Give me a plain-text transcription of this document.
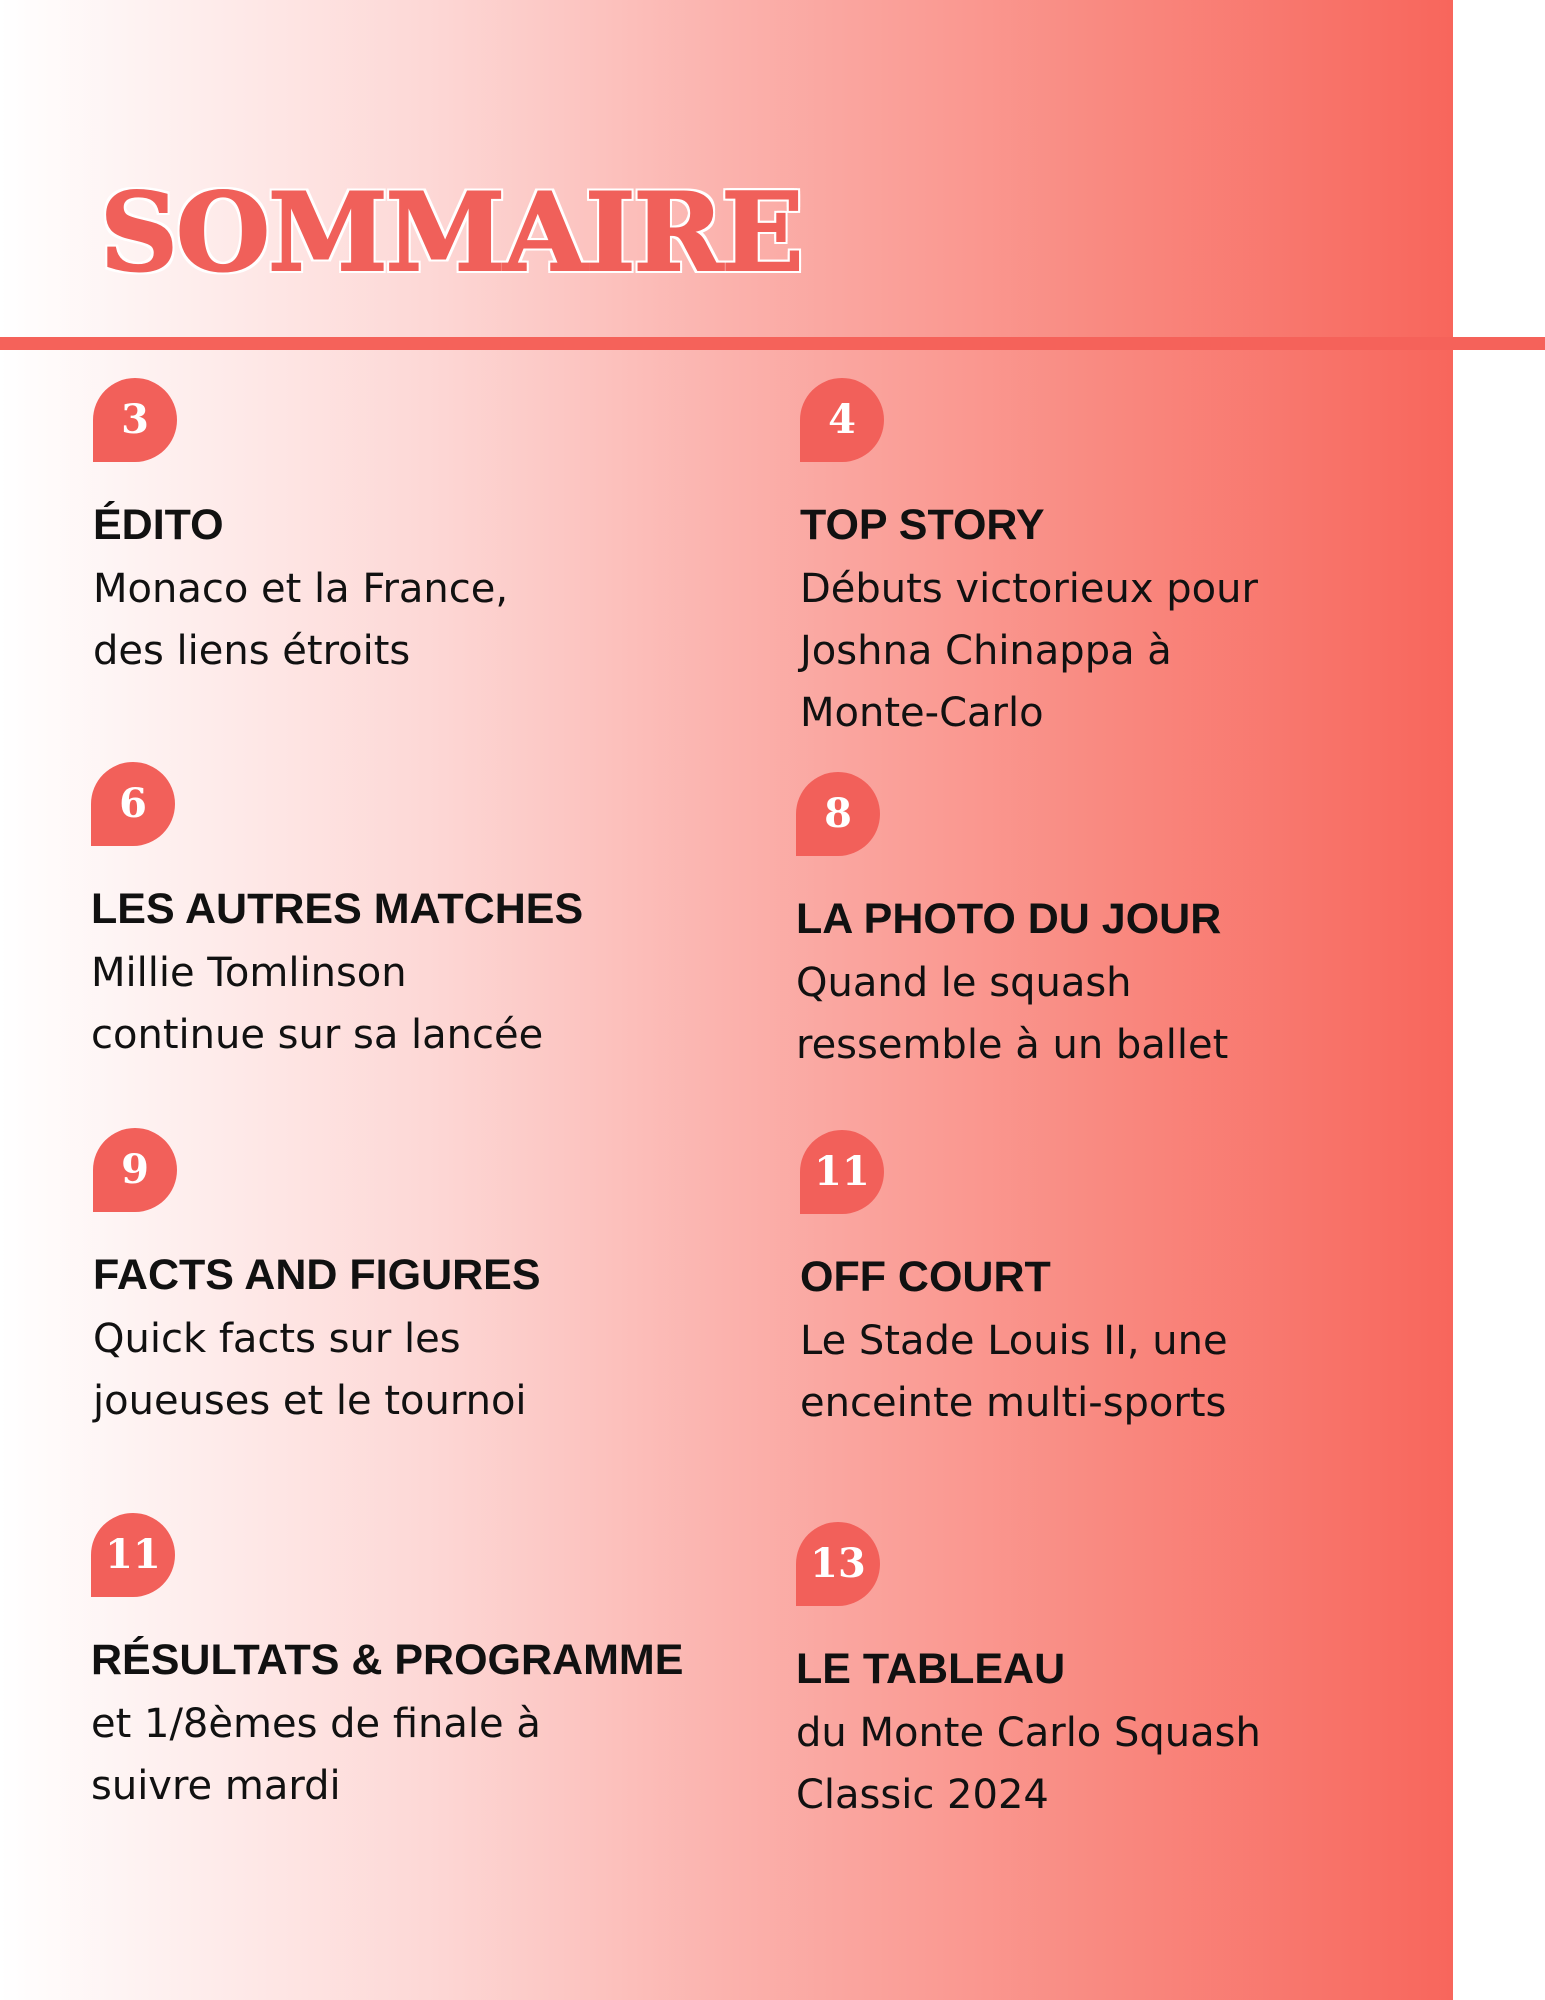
SOMMAIRE
3
ÉDITO
Monaco et la France,
des liens étroits
4
TOP STORY
Débuts victorieux pour
Joshna Chinappa à
Monte-Carlo
6
LES AUTRES MATCHES
Millie Tomlinson
continue sur sa lancée
8
LA PHOTO DU JOUR
Quand le squash
ressemble à un ballet
9
FACTS AND FIGURES
Quick facts sur les
joueuses et le tournoi
11
OFF COURT
Le Stade Louis II, une
enceinte multi-sports
11
RÉSULTATS & PROGRAMME
et 1/8èmes de finale à
suivre mardi
13
LE TABLEAU
du Monte Carlo Squash
Classic 2024
